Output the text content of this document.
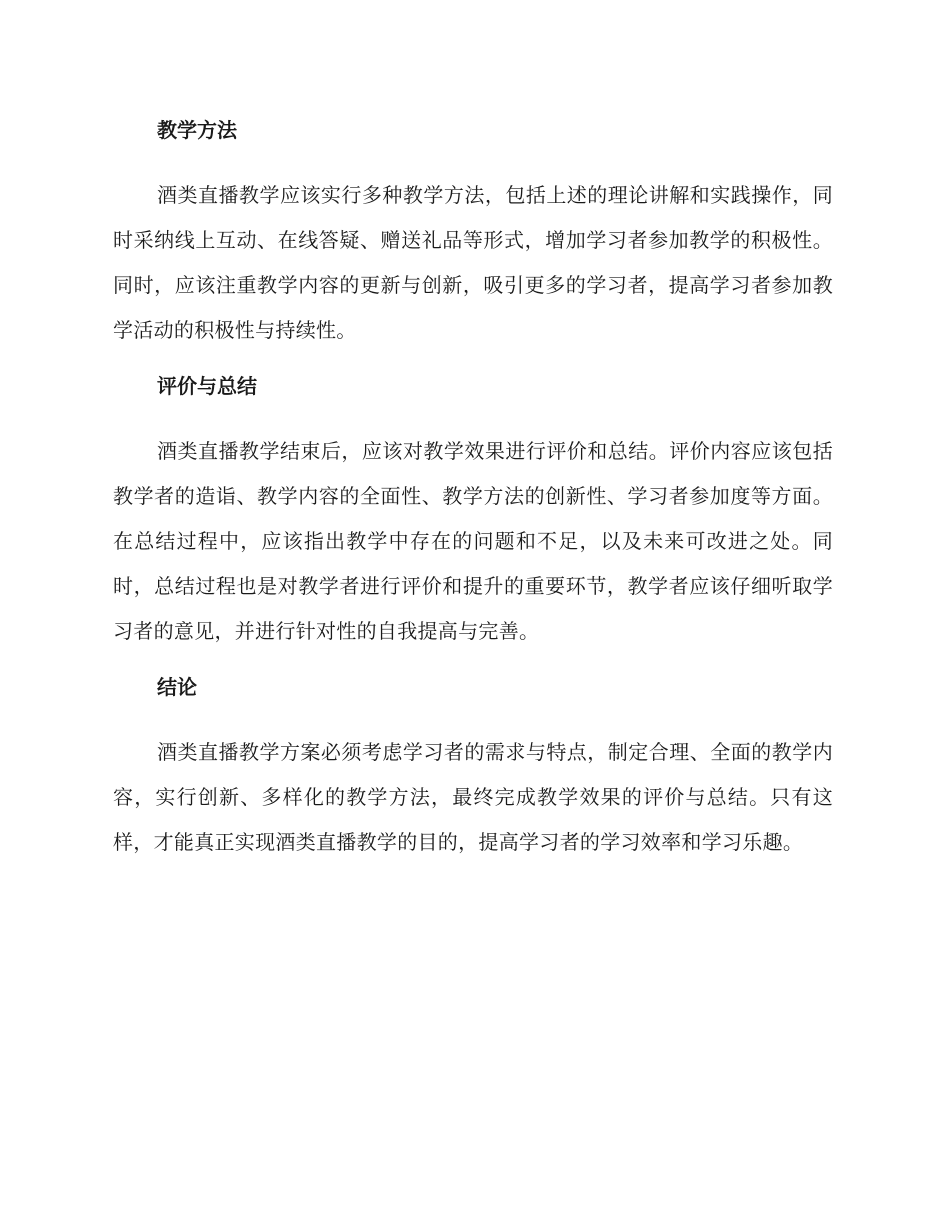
教学方法

酒类直播教学应该实行多种教学方法，包括上述的理论讲解和实践操作，同时采纳线上互动、在线答疑、赠送礼品等形式，增加学习者参加教学的积极性。同时，应该注重教学内容的更新与创新，吸引更多的学习者，提高学习者参加教学活动的积极性与持续性。

评价与总结

酒类直播教学结束后，应该对教学效果进行评价和总结。评价内容应该包括教学者的造诣、教学内容的全面性、教学方法的创新性、学习者参加度等方面。在总结过程中，应该指出教学中存在的问题和不足，以及未来可改进之处。同时，总结过程也是对教学者进行评价和提升的重要环节，教学者应该仔细听取学习者的意见，并进行针对性的自我提高与完善。

结论

酒类直播教学方案必须考虑学习者的需求与特点，制定合理、全面的教学内容，实行创新、多样化的教学方法，最终完成教学效果的评价与总结。只有这样，才能真正实现酒类直播教学的目的，提高学习者的学习效率和学习乐趣。
